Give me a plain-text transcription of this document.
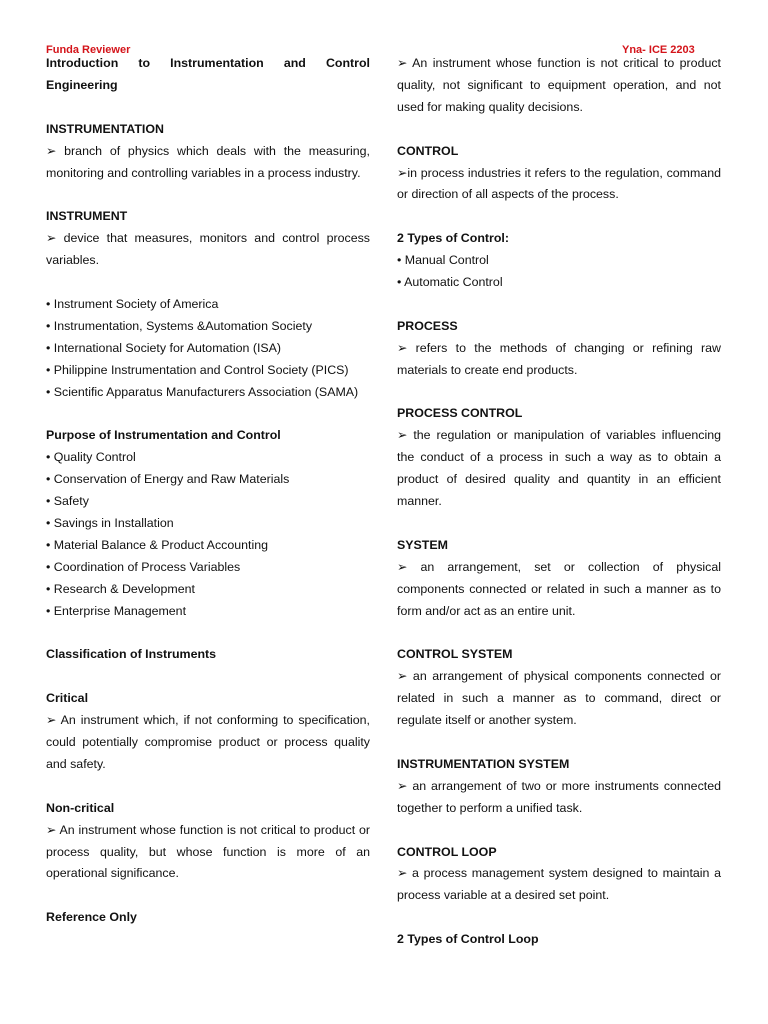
Funda Reviewer	Yna- ICE 2203

Introduction to Instrumentation and Control Engineering

INSTRUMENTATION

➢ branch of physics which deals with the measuring, monitoring and controlling variables in a process industry.

INSTRUMENT

➢ device that measures, monitors and control process variables.

• Instrument Society of America

• Instrumentation, Systems &Automation Society

• International Society for Automation (ISA)

• Philippine Instrumentation and Control Society (PICS)

• Scientific Apparatus Manufacturers Association (SAMA)

Purpose of Instrumentation and Control

• Quality Control

• Conservation of Energy and Raw Materials

• Safety

• Savings in Installation

• Material Balance & Product Accounting

• Coordination of Process Variables

• Research & Development

• Enterprise Management

Classification of Instruments

Critical

➢ An instrument which, if not conforming to specification, could potentially compromise product or process quality and safety.

Non-critical

➢ An instrument whose function is not critical to product or process quality, but whose function is more of an operational significance.

Reference Only

➢ An instrument whose function is not critical to product quality, not significant to equipment operation, and not used for making quality decisions.

CONTROL

➢in process industries it refers to the regulation, command or direction of all aspects of the process.

2 Types of Control:

• Manual Control

• Automatic Control

PROCESS

➢ refers to the methods of changing or refining raw materials to create end products.

PROCESS CONTROL

➢ the regulation or manipulation of variables influencing the conduct of a process in such a way as to obtain a product of desired quality and quantity in an efficient manner.

SYSTEM

➢ an arrangement, set or collection of physical components connected or related in such a manner as to form and/or act as an entire unit.

CONTROL SYSTEM

➢ an arrangement of physical components connected or related in such a manner as to command, direct or regulate itself or another system.

INSTRUMENTATION SYSTEM

➢ an arrangement of two or more instruments connected together to perform a unified task.

CONTROL LOOP

➢ a process management system designed to maintain a process variable at a desired set point.

2 Types of Control Loop
